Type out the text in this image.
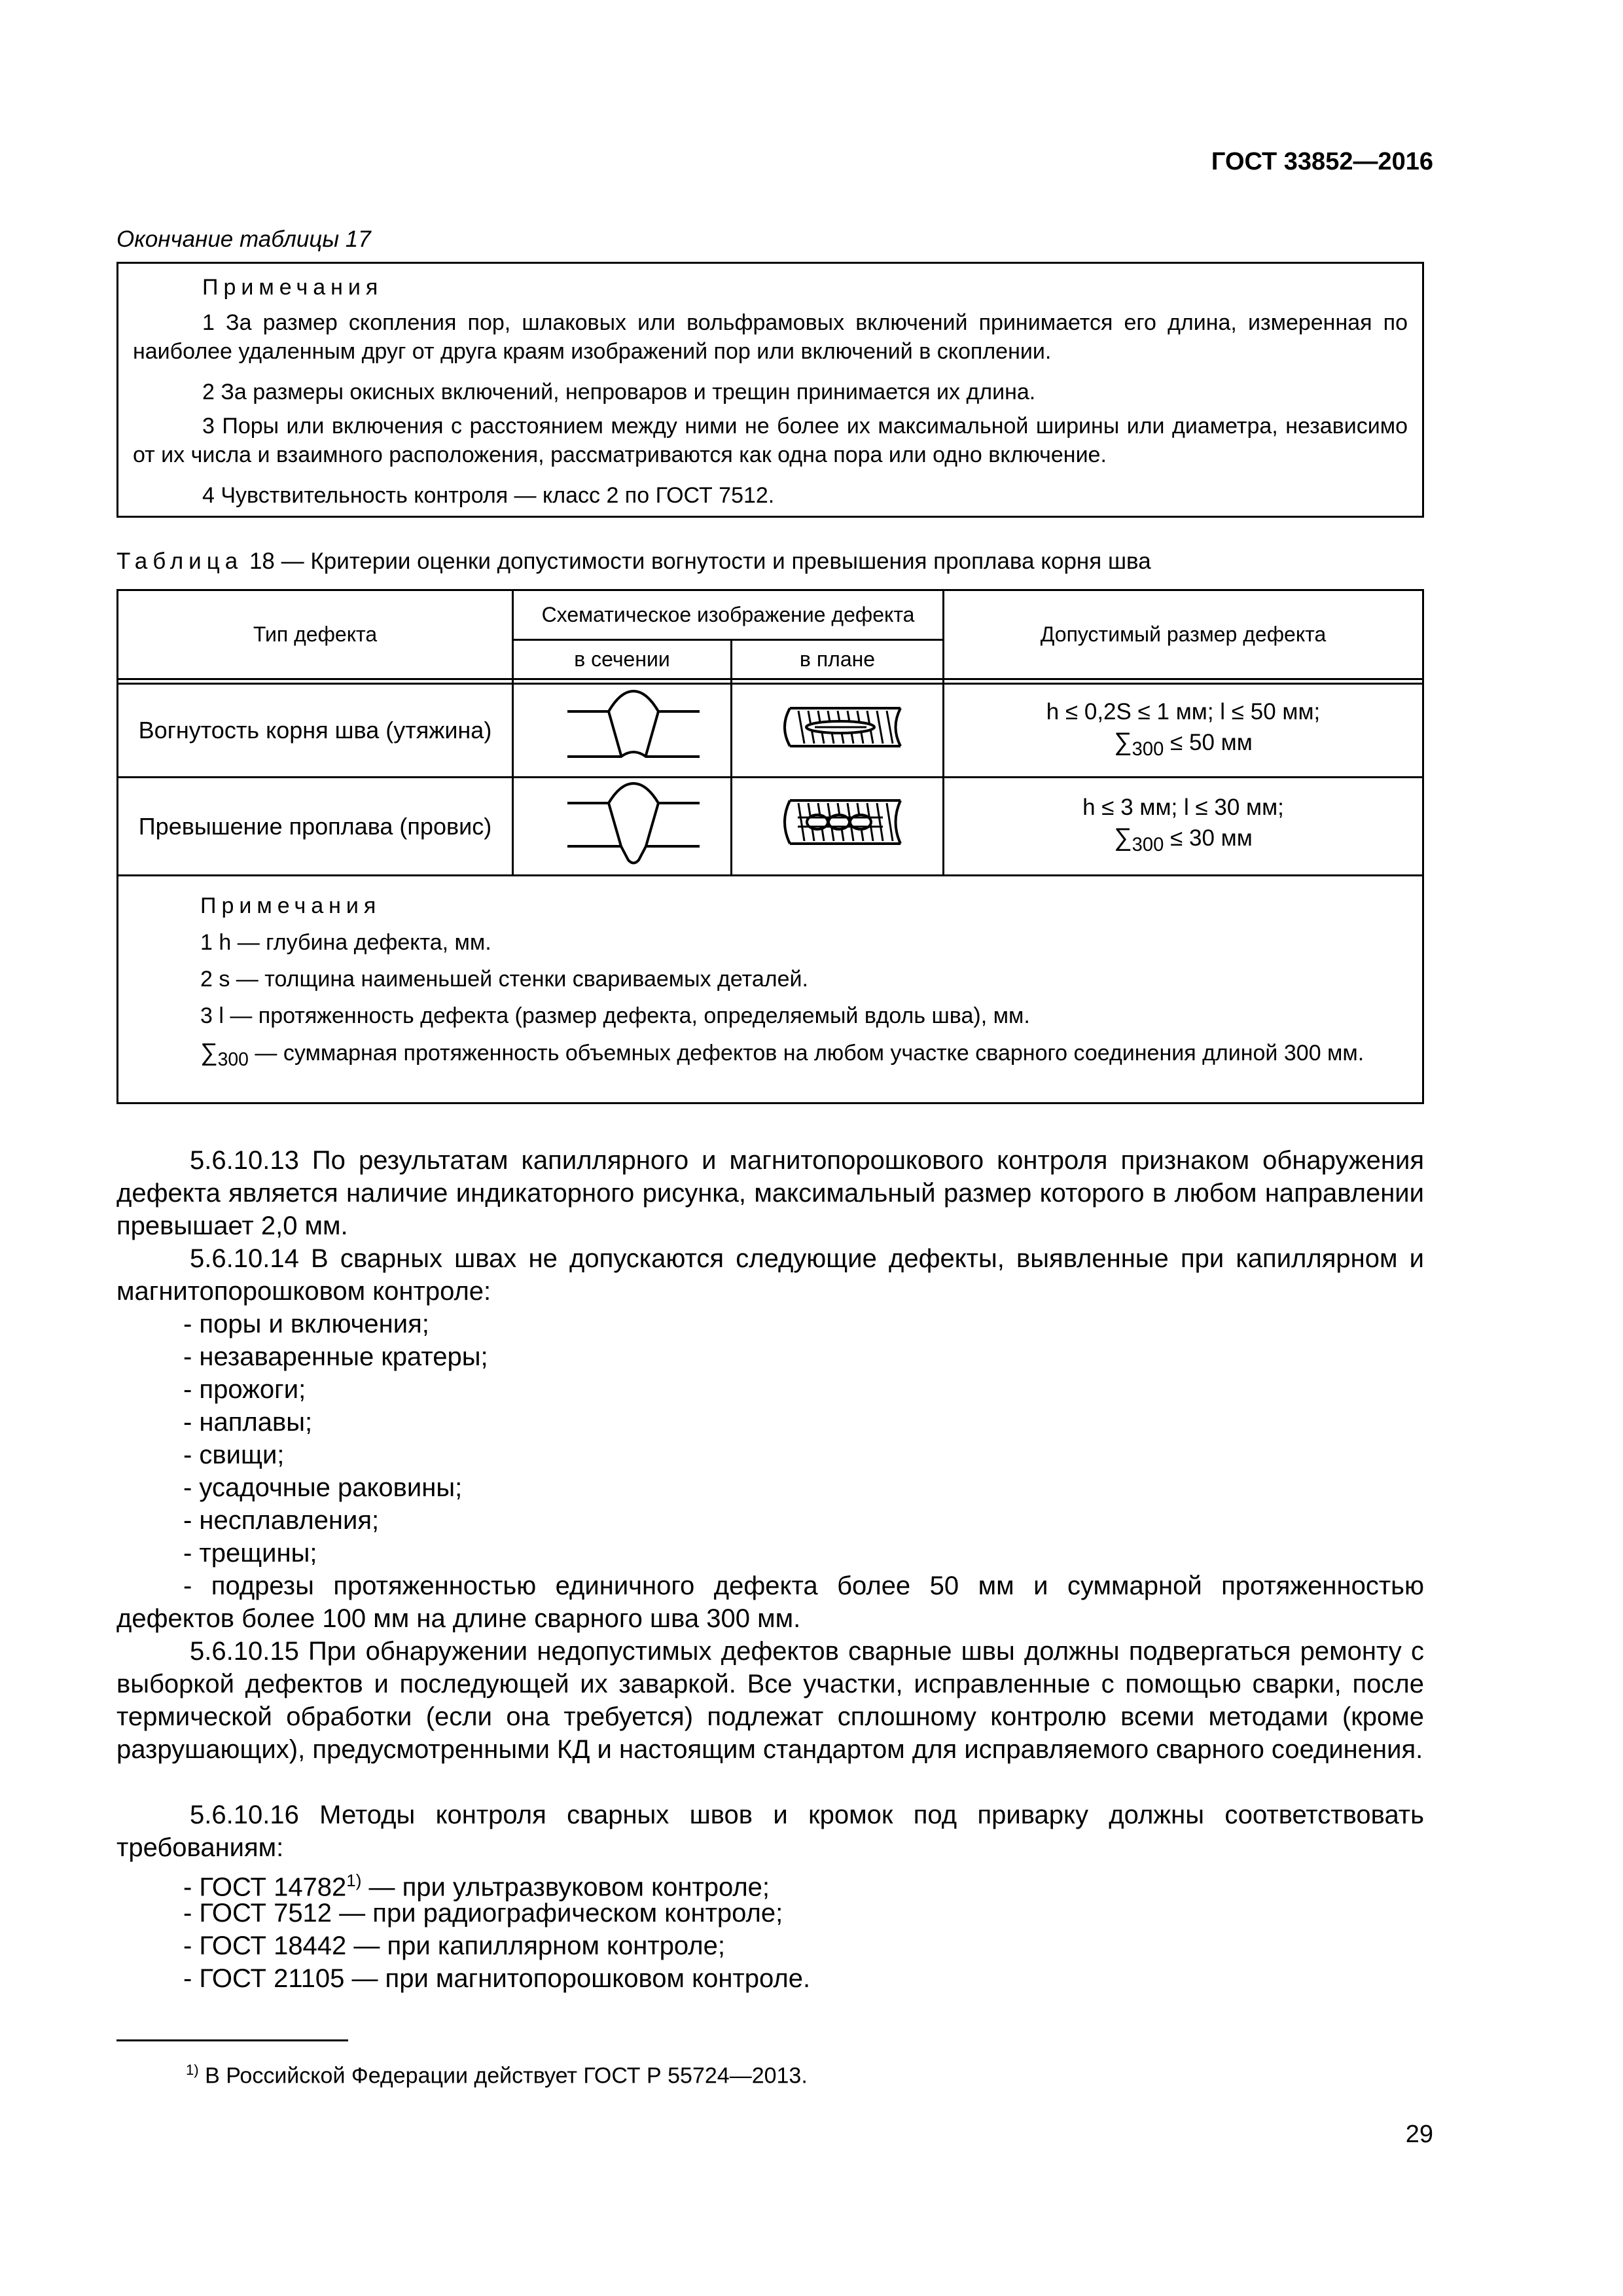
ГОСТ 33852—2016
Окончание таблицы 17
Примечания
1 За размер скопления пор, шлаковых или вольфрамовых включений принимается его длина, измеренная по наиболее удаленным друг от друга краям изображений пор или включений в скоплении.
2 За размеры окисных включений, непроваров и трещин принимается их длина.
3 Поры или включения с расстоянием между ними не более их максимальной ширины или диаметра, независимо от их числа и взаимного расположения, рассматриваются как одна пора или одно включение.
4 Чувствительность контроля — класс 2 по ГОСТ 7512.
Таблица 18 — Критерии оценки допустимости вогнутости и превышения проплава корня шва
Тип дефекта
Схематическое изображение дефекта
в сечении	в плане
Допустимый размер дефекта
Вогнутость корня шва (утяжина)
h ≤ 0,2S ≤ 1 мм; l ≤ 50 мм;
$\sum_{300} \le 50$ мм
Превышение проплава (провис)
h ≤ 3 мм; l ≤ 30 мм;
$\sum_{300} \le 30$ мм
Примечания
1 h — глубина дефекта, мм.
2 s — толщина наименьшей стенки свариваемых деталей.
3 l — протяженность дефекта (размер дефекта, определяемый вдоль шва), мм.
$\sum_{300}$ — суммарная протяженность объемных дефектов на любом участке сварного соединения длиной 300 мм.
5.6.10.13 По результатам капиллярного и магнитопорошкового контроля признаком обнаружения дефекта является наличие индикаторного рисунка, максимальный размер которого в любом направлении превышает 2,0 мм.
5.6.10.14 В сварных швах не допускаются следующие дефекты, выявленные при капиллярном и магнитопорошковом контроле:
- поры и включения;
- незаваренные кратеры;
- прожоги;
- наплавы;
- свищи;
- усадочные раковины;
- несплавления;
- трещины;
- подрезы протяженностью единичного дефекта более 50 мм и суммарной протяженностью дефектов более 100 мм на длине сварного шва 300 мм.
5.6.10.15 При обнаружении недопустимых дефектов сварные швы должны подвергаться ремонту с выборкой дефектов и последующей их заваркой. Все участки, исправленные с помощью сварки, после термической обработки (если она требуется) подлежат сплошному контролю всеми методами (кроме разрушающих), предусмотренными КД и настоящим стандартом для исправляемого сварного соединения.
5.6.10.16 Методы контроля сварных швов и кромок под приварку должны соответствовать требованиям:
- ГОСТ 14782$^{1)}$ — при ультразвуковом контроле;
- ГОСТ 7512 — при радиографическом контроле;
- ГОСТ 18442 — при капиллярном контроле;
- ГОСТ 21105 — при магнитопорошковом контроле.
$^{1)}$ В Российской Федерации действует ГОСТ Р 55724—2013.
29
